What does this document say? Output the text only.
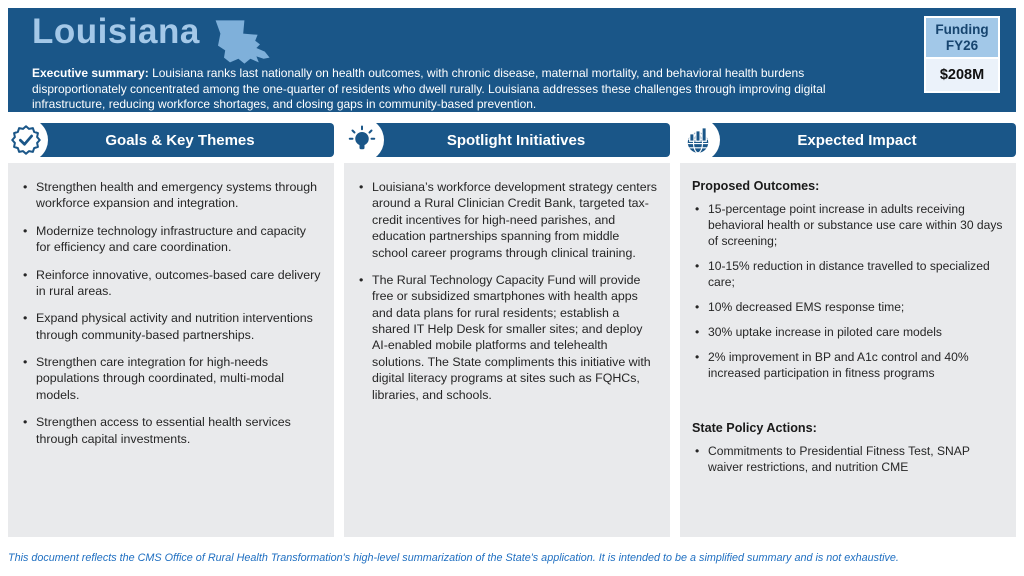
Louisiana

Executive summary: Louisiana ranks last nationally on health outcomes, with chronic disease, maternal mortality, and behavioral health burdens disproportionately concentrated among the one-quarter of residents who dwell rurally. Louisiana addresses these challenges through improving digital infrastructure, reducing workforce shortages, and closing gaps in community-based prevention.

Funding FY26
$208M
Goals & Key Themes
• Strengthen health and emergency systems through workforce expansion and integration.
• Modernize technology infrastructure and capacity for efficiency and care coordination.
• Reinforce innovative, outcomes-based care delivery in rural areas.
• Expand physical activity and nutrition interventions through community-based partnerships.
• Strengthen care integration for high-needs populations through coordinated, multi-modal models.
• Strengthen access to essential health services through capital investments.
Spotlight Initiatives
• Louisiana’s workforce development strategy centers around a Rural Clinician Credit Bank, targeted tax-credit incentives for high-need parishes, and education partnerships spanning from middle school career programs through clinical training.
• The Rural Technology Capacity Fund will provide free or subsidized smartphones with health apps and data plans for rural residents; establish a shared IT Help Desk for smaller sites; and deploy AI-enabled mobile platforms and telehealth solutions. The State compliments this initiative with digital literacy programs at sites such as FQHCs, libraries, and schools.
Expected Impact
Proposed Outcomes:
• 15-percentage point increase in adults receiving behavioral health or substance use care within 30 days of screening;
• 10-15% reduction in distance travelled to specialized care;
• 10% decreased EMS response time;
• 30% uptake increase in piloted care models
• 2% improvement in BP and A1c control and 40% increased participation in fitness programs
State Policy Actions:
• Commitments to Presidential Fitness Test, SNAP waiver restrictions, and nutrition CME

This document reflects the CMS Office of Rural Health Transformation's high-level summarization of the State's application. It is intended to be a simplified summary and is not exhaustive.
